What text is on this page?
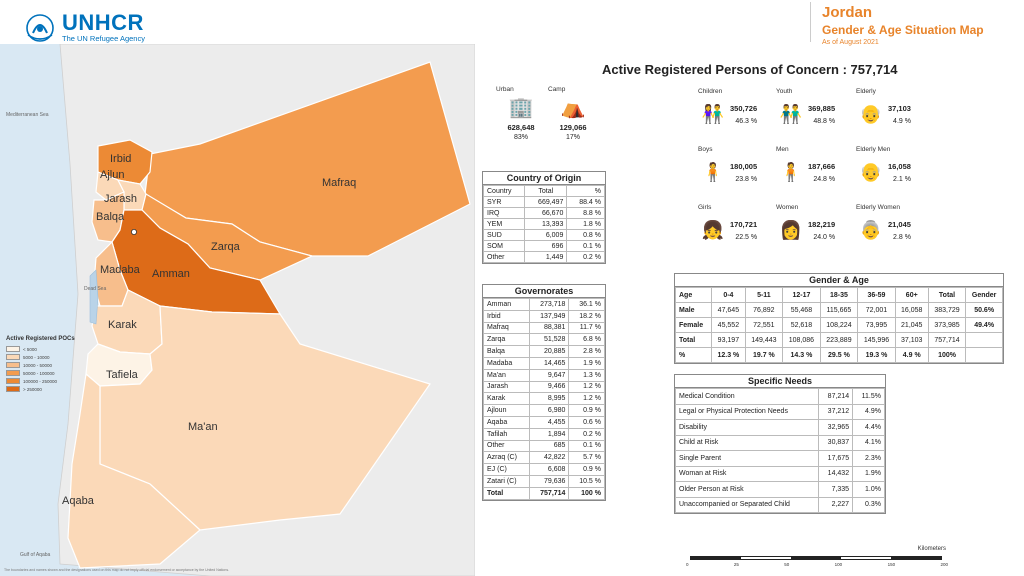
UNHCR
The UN Refugee Agency
Jordan
Gender & Age Situation Map
As of August 2021
Irbid
Ajlun
Jarash
Balqa
Madaba Amman
Zarqa
Mafraq
Karak
Tafiela
Ma'an
Aqaba
Mediterranean Sea
Dead Sea
Gulf of Aqaba
Active Registered POCs
< 5000
5000 - 10000
10000 - 50000
50000 - 100000
100000 - 250000
> 250000
The boundaries and names shown and the designations used on this map do not imply official endorsement or acceptance by the United Nations.
Active Registered Persons of Concern : 757,714
Urban
🏢
628,648
83%
Camp
⛺
129,066
17%
Children
👫 350,726
46.3 %
Youth
👬 369,885
48.8 %
Elderly
👴 37,103
4.9 %
Boys
🧍 180,005
23.8 %
Men
🧍 187,666
24.8 %
Elderly Men
👴 16,058
2.1 %
Girls
👧 170,721
22.5 %
Women
👩 182,219
24.0 %
Elderly Women
👵 21,045
2.8 %
Country of Origin
Country	Total	%
SYR	669,497	88.4 %
IRQ	66,670	8.8 %
YEM	13,393	1.8 %
SUD	6,009	0.8 %
SOM	696	0.1 %
Other	1,449	0.2 %
Governorates
Amman	273,718	36.1 %
Irbid	137,949	18.2 %
Mafraq	88,381	11.7 %
Zarqa	51,528	6.8 %
Balqa	20,885	2.8 %
Madaba	14,465	1.9 %
Ma'an	9,647	1.3 %
Jarash	9,466	1.2 %
Karak	8,995	1.2 %
Ajloun	6,980	0.9 %
Aqaba	4,455	0.6 %
Tafilah	1,894	0.2 %
Other	685	0.1 %
Azraq (C)	42,822	5.7 %
EJ (C)	6,608	0.9 %
Zatari (C)	79,636	10.5 %
Total	757,714	100 %
Gender & Age
Age	0-4	5-11	12-17	18-35	36-59	60+	Total	Gender
Male	47,645	76,892	55,468	115,665	72,001	16,058	383,729	50.6%
Female	45,552	72,551	52,618	108,224	73,995	21,045	373,985	49.4%
Total	93,197	149,443	108,086	223,889	145,996	37,103	757,714	
%	12.3 %	19.7 %	14.3 %	29.5 %	19.3 %	4.9 %	100%	
Specific Needs
Medical Condition	87,214	11.5%
Legal or Physical Protection Needs	37,212	4.9%
Disability	32,965	4.4%
Child at Risk	30,837	4.1%
Single Parent	17,675	2.3%
Woman at Risk	14,432	1.9%
Older Person at Risk	7,335	1.0%
Unaccompanied or Separated Child	2,227	0.3%
Kilometers
0	25	50	100	150	200
